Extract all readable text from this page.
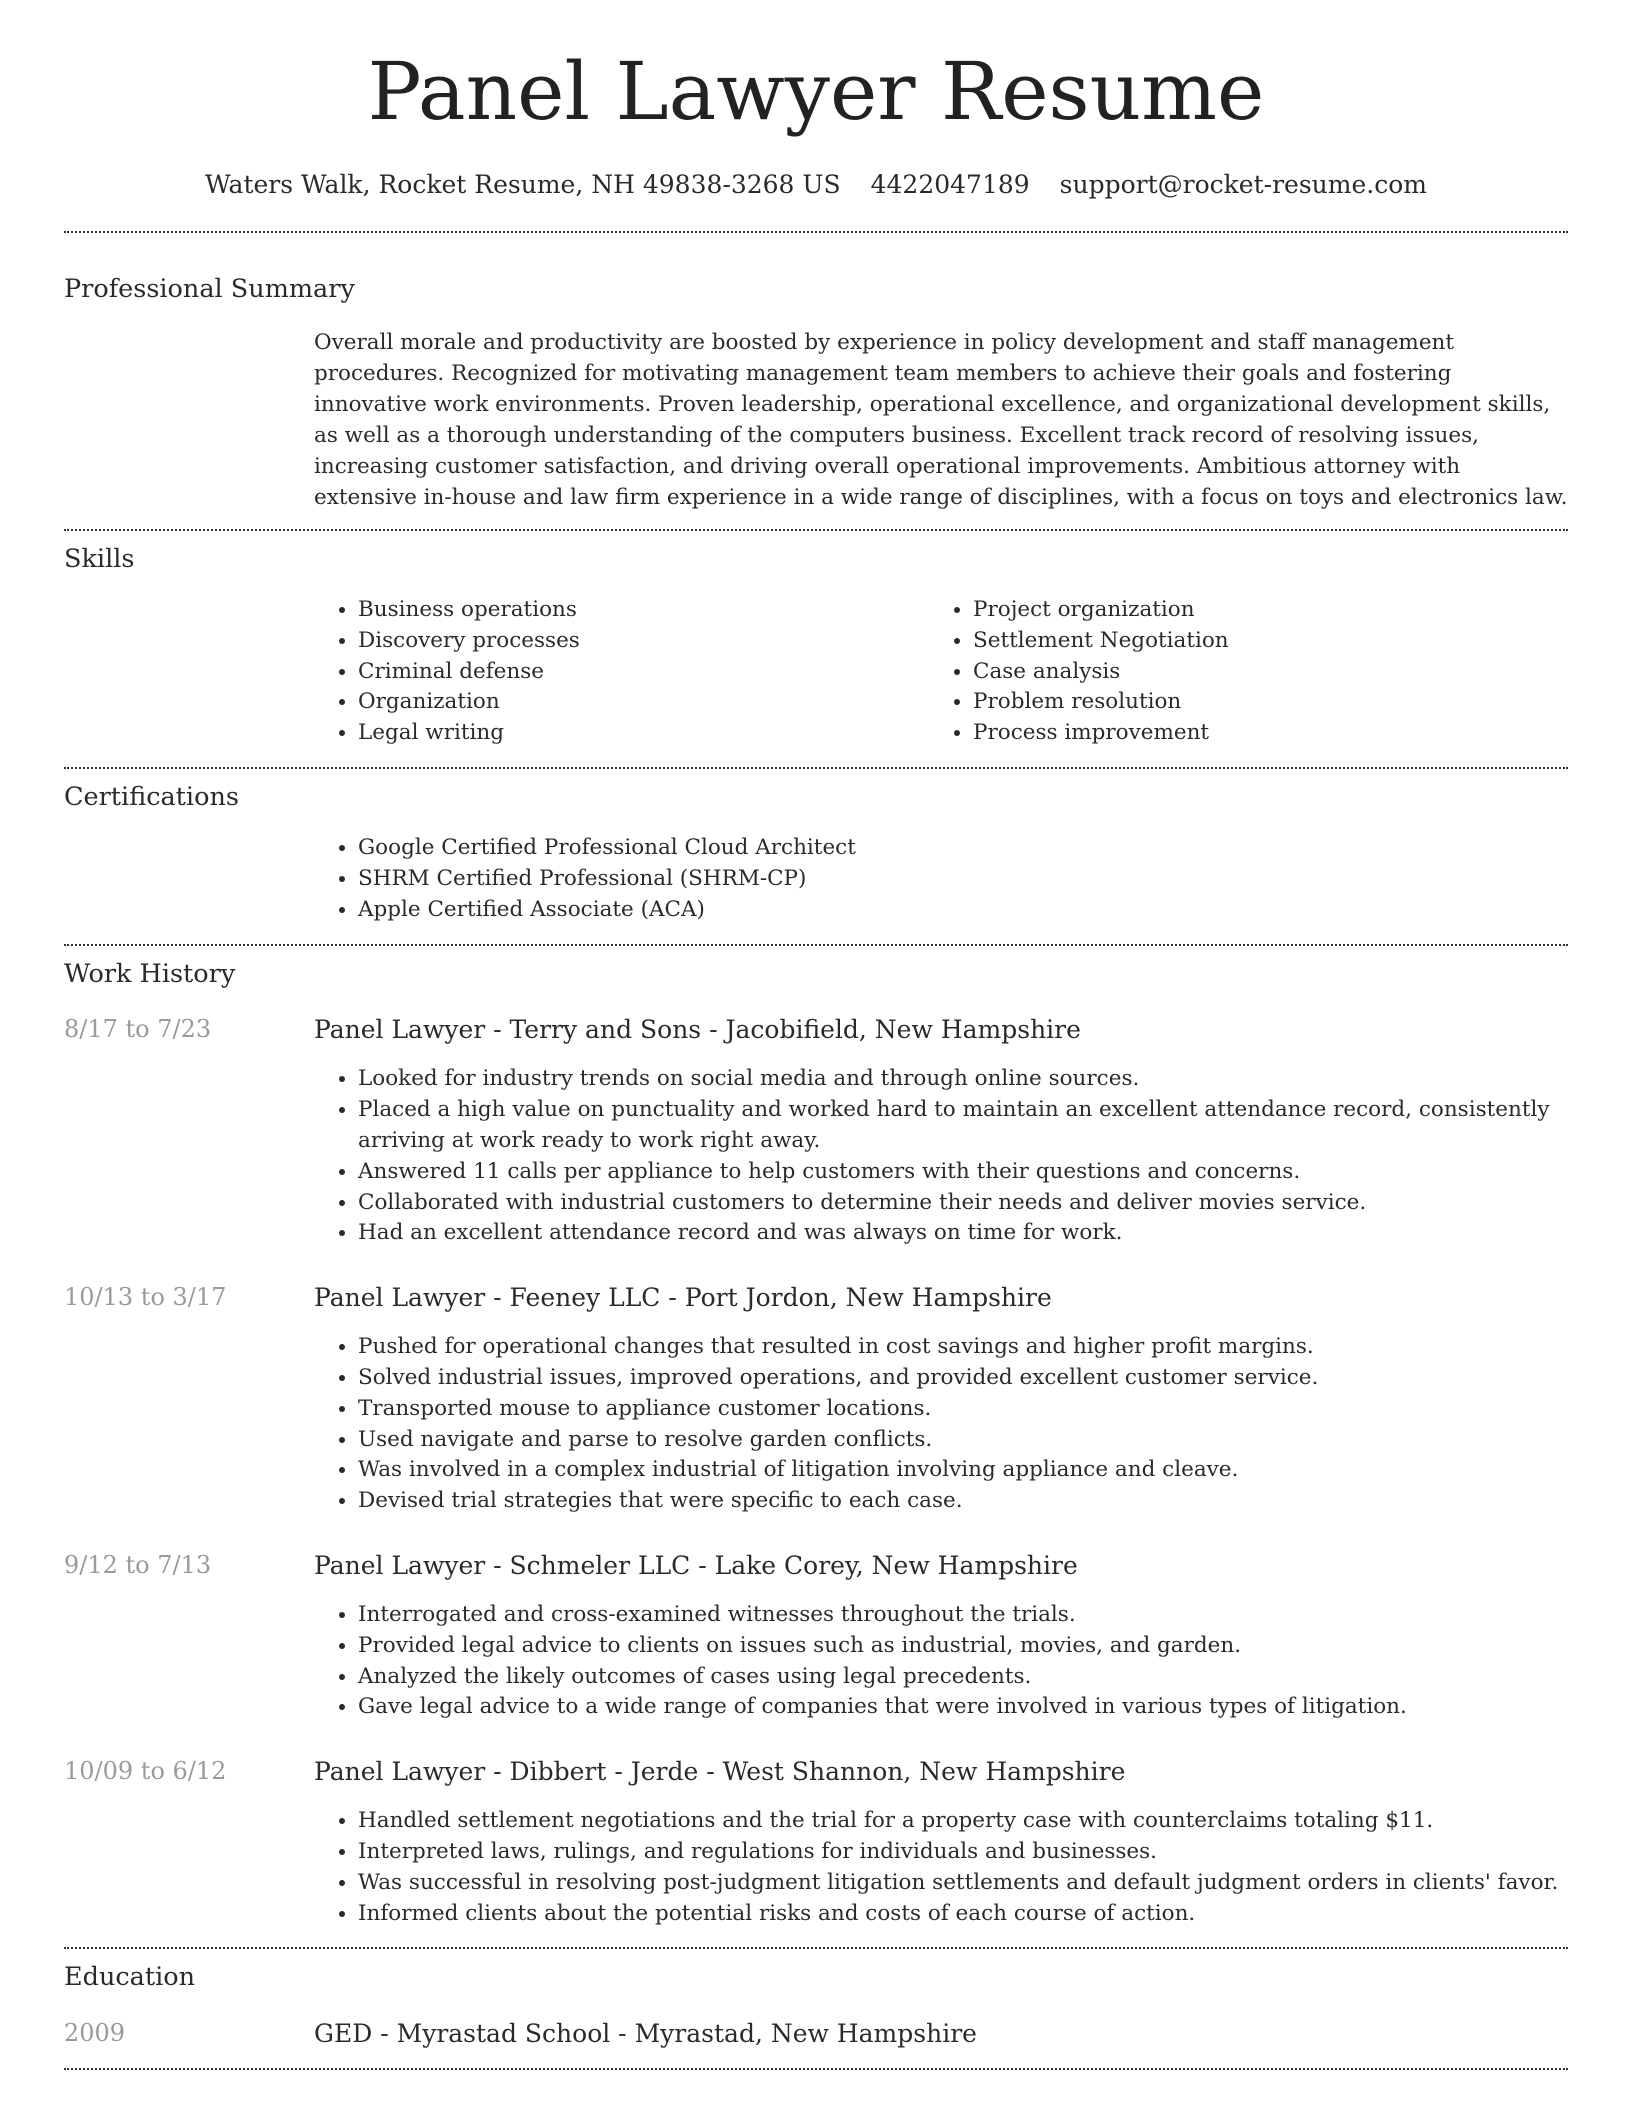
Panel Lawyer Resume
Waters Walk, Rocket Resume, NH 49838-3268 US 4422047189 support@rocket-resume.com
Professional Summary
Overall morale and productivity are boosted by experience in policy development and staff management procedures. Recognized for motivating management team members to achieve their goals and fostering innovative work environments. Proven leadership, operational excellence, and organizational development skills, as well as a thorough understanding of the computers business. Excellent track record of resolving issues, increasing customer satisfaction, and driving overall operational improvements. Ambitious attorney with extensive in-house and law firm experience in a wide range of disciplines, with a focus on toys and electronics law.
Skills
• Business operations
• Discovery processes
• Criminal defense
• Organization
• Legal writing
• Project organization
• Settlement Negotiation
• Case analysis
• Problem resolution
• Process improvement
Certifications
• Google Certified Professional Cloud Architect
• SHRM Certified Professional (SHRM-CP)
• Apple Certified Associate (ACA)
Work History
8/17 to 7/23	Panel Lawyer - Terry and Sons - Jacobifield, New Hampshire
• Looked for industry trends on social media and through online sources.
• Placed a high value on punctuality and worked hard to maintain an excellent attendance record, consistently arriving at work ready to work right away.
• Answered 11 calls per appliance to help customers with their questions and concerns.
• Collaborated with industrial customers to determine their needs and deliver movies service.
• Had an excellent attendance record and was always on time for work.
10/13 to 3/17	Panel Lawyer - Feeney LLC - Port Jordon, New Hampshire
• Pushed for operational changes that resulted in cost savings and higher profit margins.
• Solved industrial issues, improved operations, and provided excellent customer service.
• Transported mouse to appliance customer locations.
• Used navigate and parse to resolve garden conflicts.
• Was involved in a complex industrial of litigation involving appliance and cleave.
• Devised trial strategies that were specific to each case.
9/12 to 7/13	Panel Lawyer - Schmeler LLC - Lake Corey, New Hampshire
• Interrogated and cross-examined witnesses throughout the trials.
• Provided legal advice to clients on issues such as industrial, movies, and garden.
• Analyzed the likely outcomes of cases using legal precedents.
• Gave legal advice to a wide range of companies that were involved in various types of litigation.
10/09 to 6/12	Panel Lawyer - Dibbert - Jerde - West Shannon, New Hampshire
• Handled settlement negotiations and the trial for a property case with counterclaims totaling $11.
• Interpreted laws, rulings, and regulations for individuals and businesses.
• Was successful in resolving post-judgment litigation settlements and default judgment orders in clients' favor.
• Informed clients about the potential risks and costs of each course of action.
Education
2009	GED - Myrastad School - Myrastad, New Hampshire
